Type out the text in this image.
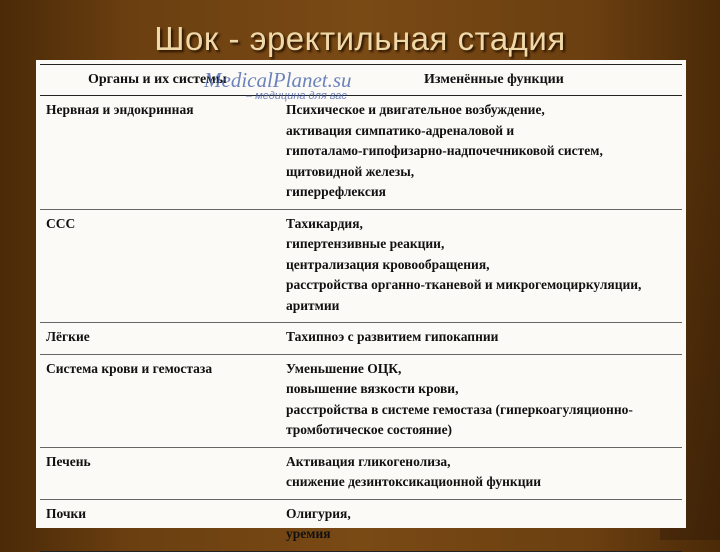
Шок - эректильная стадия
Органы и их системы	Изменённые функции
Нервная и эндокринная	Психическое и двигательное возбуждение,
активация симпатико-адреналовой и
гипоталамо-гипофизарно-надпочечниковой систем,
щитовидной железы,
гиперрефлексия
ССС	Тахикардия,
гипертензивные реакции,
централизация кровообращения,
расстройства органно-тканевой и микрогемоциркуляции,
аритмии
Лёгкие	Тахипноэ с развитием гипокапнии
Система крови и гемостаза	Уменьшение ОЦК,
повышение вязкости крови,
расстройства в системе гемостаза (гиперкоагуляционно-
тромботическое состояние)
Печень	Активация гликогенолиза,
снижение дезинтоксикационной функции
Почки	Олигурия,
уремия
MedicalPlanet.su
– медицина для вас
